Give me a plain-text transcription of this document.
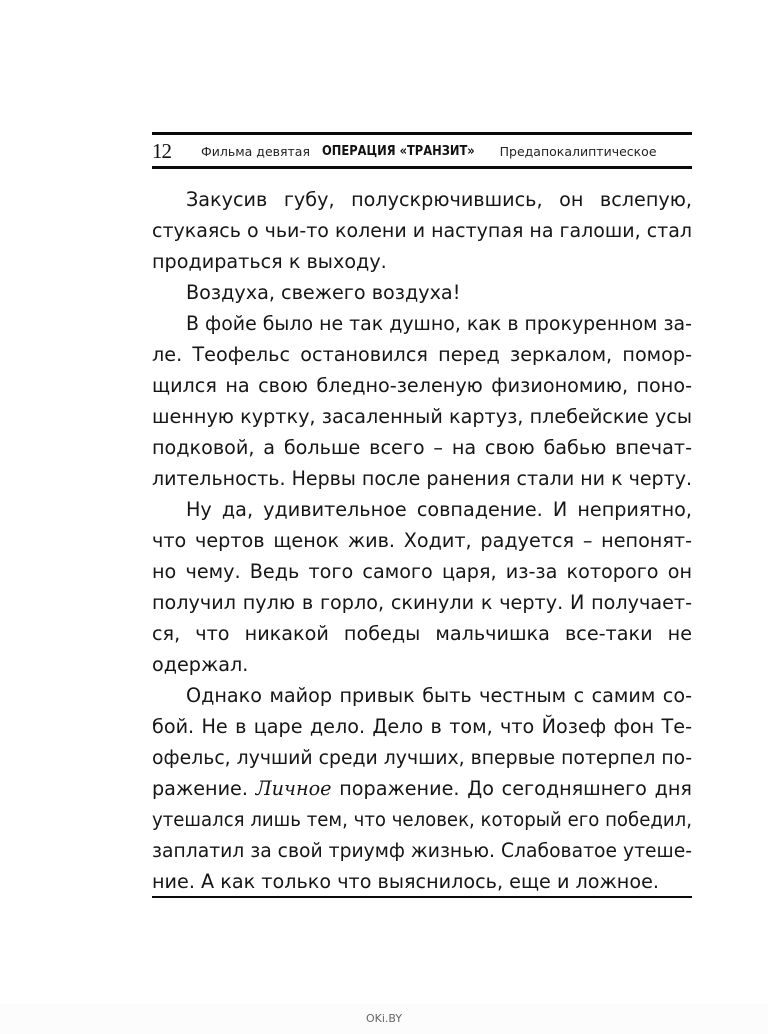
12 Фильма девятая ОПЕРАЦИЯ «ТРАНЗИТ» Предапокалиптическое
Закусив губу, полускрючившись, он вслепую,
стукаясь о чьи-то колени и наступая на галоши, стал
продираться к выходу.
Воздуха, свежего воздуха!
В фойе было не так душно, как в прокуренном за-
ле. Теофельс остановился перед зеркалом, помор-
щился на свою бледно-зеленую физиономию, поно-
шенную куртку, засаленный картуз, плебейские усы
подковой, а больше всего – на свою бабью впечат-
лительность. Нервы после ранения стали ни к черту.
Ну да, удивительное совпадение. И неприятно,
что чертов щенок жив. Ходит, радуется – непонят-
но чему. Ведь того самого царя, из-за которого он
получил пулю в горло, скинули к черту. И получает-
ся, что никакой победы мальчишка все-таки не
одержал.
Однако майор привык быть честным с самим со-
бой. Не в царе дело. Дело в том, что Йозеф фон Те-
офельс, лучший среди лучших, впервые потерпел по-
ражение. Личное поражение. До сегодняшнего дня
утешался лишь тем, что человек, который его победил,
заплатил за свой триумф жизнью. Слабоватое утеше-
ние. А как только что выяснилось, еще и ложное.
OKi.BY
